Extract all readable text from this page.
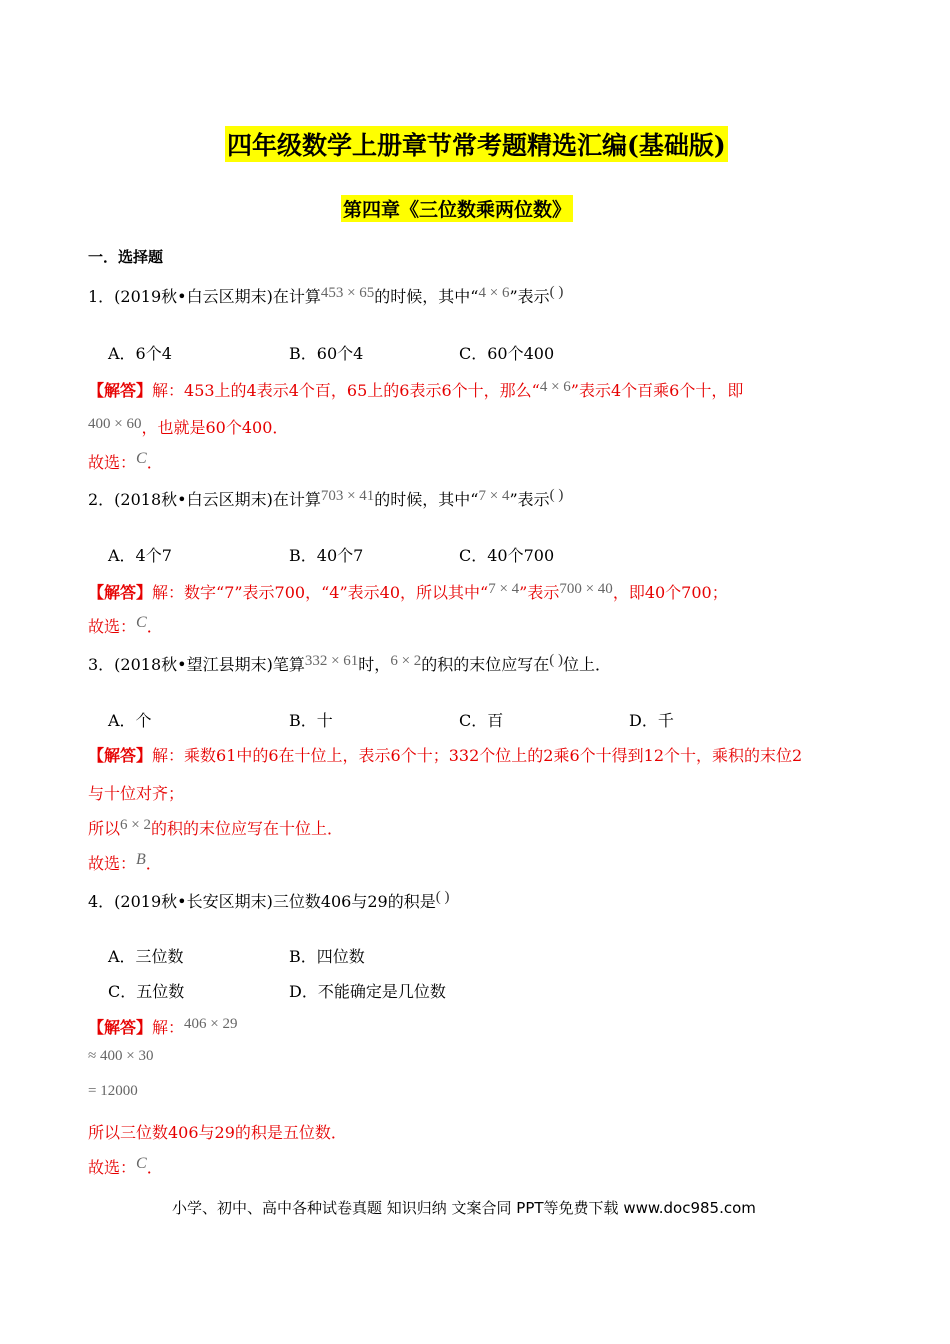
四年级数学上册章节常考题精选汇编(基础版)
第四章《三位数乘两位数》
一．选择题
1．(2019秋•白云区期末)在计算453 × 65的时候，其中“4 × 6”表示( )
A．6个4	B．60个4	C．60个400
【解答】解：453上的4表示4个百，65上的6表示6个十，那么“4 × 6”表示4个百乘6个十，即
400 × 60，也就是60个400．
故选：C．
2．(2018秋•白云区期末)在计算703 × 41的时候，其中“7 × 4”表示( )
A．4个7	B．40个7	C．40个700
【解答】解：数字“7”表示700，“4”表示40，所以其中“7 × 4”表示700 × 40，即40个700；
故选：C．
3．(2018秋•望江县期末)笔算332 × 61时，6 × 2的积的末位应写在( )位上．
A．个	B．十	C．百	D．千
【解答】解：乘数61中的6在十位上，表示6个十；332个位上的2乘6个十得到12个十，乘积的末位2
与十位对齐；
所以6 × 2的积的末位应写在十位上．
故选：B．
4．(2019秋•长安区期末)三位数406与29的积是( )
A．三位数	B．四位数
C．五位数	D．不能确定是几位数
【解答】解：406 × 29
≈ 400 × 30
= 12000
所以三位数406与29的积是五位数．
故选：C．
小学、初中、高中各种试卷真题 知识归纳 文案合同 PPT等免费下载 www.doc985.com
